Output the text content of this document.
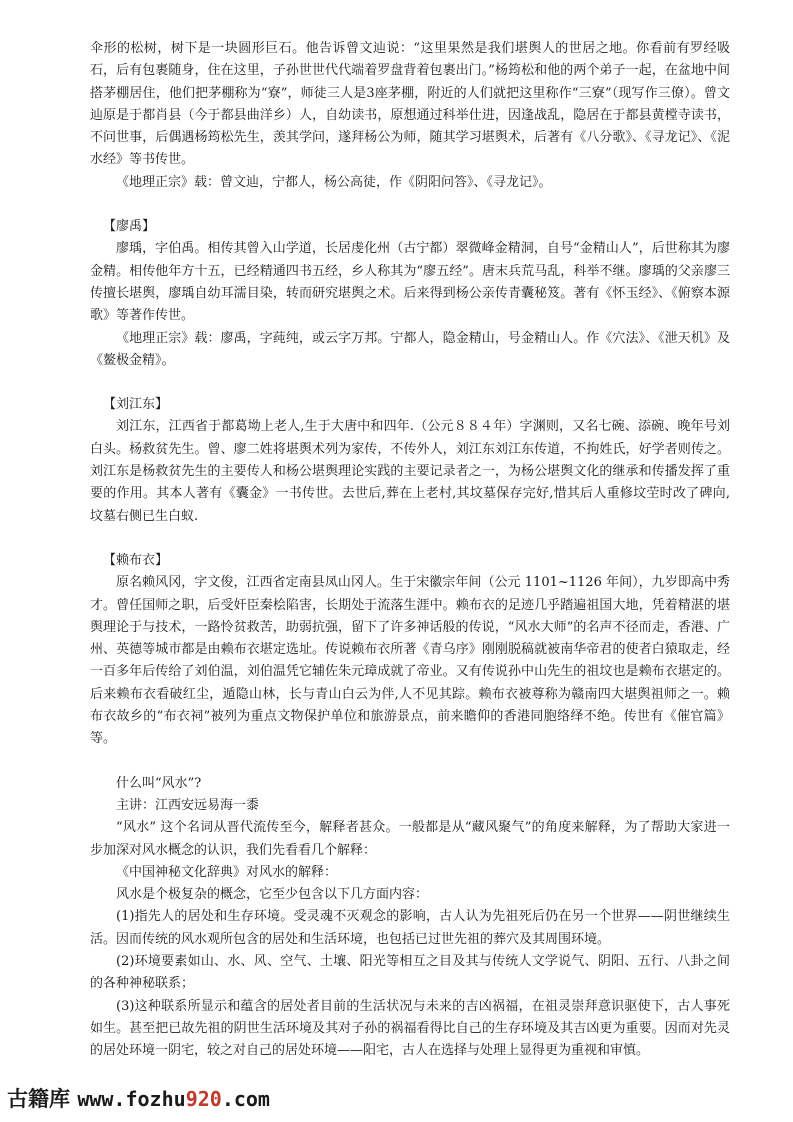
伞形的松树，树下是一块圆形巨石。他告诉曾文辿说：“这里果然是我们堪舆人的世居之地。你看前有罗经吸石，后有包裹随身，住在这里，子孙世世代代端着罗盘背着包裹出门。”杨筠松和他的两个弟子一起，在盆地中间搭茅棚居住，他们把茅棚称为“寮”，师徒三人是3座茅棚，附近的人们就把这里称作“三寮”（现写作三僚）。曾文辿原是于都肖县（今于都县曲洋乡）人，自幼读书，原想通过科举仕进，因逢战乱，隐居在于都县黄樘寺读书，不问世事，后偶遇杨筠松先生，羡其学问，遂拜杨公为师，随其学习堪舆术，后著有《八分歌》、《寻龙记》、《泥水经》等书传世。

《地理正宗》载：曾文辿，宁都人，杨公高徒，作《阴阳问答》、《寻龙记》。

【廖禹】

廖瑀，字伯禹。相传其曾入山学道，长居虔化州（古宁都）翠微峰金精洞，自号“金精山人”，后世称其为廖金精。相传他年方十五，已经精通四书五经，乡人称其为“廖五经”。唐末兵荒马乱，科举不继。廖瑀的父亲廖三传擅长堪舆，廖瑀自幼耳濡目染，转而研究堪舆之术。后来得到杨公亲传青囊秘笈。著有《怀玉经》、《俯察本源歌》等著作传世。

《地理正宗》载：廖禹，字莼纯，或云字万邦。宁都人，隐金精山，号金精山人。作《穴法》、《泄天机》及《鳌极金精》。

【刘江东】

刘江东，江西省于都葛坳上老人,生于大唐中和四年.（公元８８４年）字渊则，又名七碗、添碗、晚年号刘白头。杨救贫先生。曾、廖二姓将堪舆术列为家传，不传外人，刘江东刘江东传道，不拘姓氏，好学者则传之。刘江东是杨救贫先生的主要传人和杨公堪舆理论实践的主要记录者之一，为杨公堪舆文化的继承和传播发挥了重要的作用。其本人著有《囊金》一书传世。去世后,葬在上老村,其坟墓保存完好,惜其后人重修坟茔时改了碑向,坟墓右侧已生白蚁.

【赖布衣】

原名赖风冈，字文俊，江西省定南县凤山冈人。生于宋徽宗年间（公元 1101~1126 年间），九岁即高中秀才。曾任国师之职，后受奸臣秦桧陷害，长期处于流落生涯中。赖布衣的足迹几乎踏遍祖国大地，凭着精湛的堪舆理论于与技术，一路怜贫救苦，助弱抗强，留下了许多神话般的传说，“风水大师”的名声不径而走，香港、广州、英德等城市都是由赖布衣堪定选址。传说赖布衣所著《青乌序》刚刚脱稿就被南华帝君的使者白猿取走，经一百多年后传给了刘伯温，刘伯温凭它辅佐朱元璋成就了帝业。又有传说孙中山先生的祖坟也是赖布衣堪定的。后来赖布衣看破红尘，遁隐山林，长与青山白云为伴,人不见其踪。赖布衣被尊称为赣南四大堪舆祖师之一。赖布衣故乡的“布衣祠”被列为重点文物保护单位和旅游景点，前来瞻仰的香港同胞络绎不绝。传世有《催官篇》等。

什么叫“风水”?

主讲：江西安远易海一黍

“风水” 这个名词从晋代流传至今，解释者甚众。一般都是从“藏风聚气”的角度来解释，为了帮助大家进一步加深对风水概念的认识，我们先看看几个解释：

《中国神秘文化辞典》对风水的解释：

风水是个极复杂的概念，它至少包含以下几方面内容：

(1)指先人的居处和生存环境。受灵魂不灭观念的影响，古人认为先祖死后仍在另一个世界——阴世继续生活。因而传统的风水观所包含的居处和生活环境，也包括已过世先祖的葬穴及其周围环境。

(2)环境要素如山、水、风、空气、土壤、阳光等相互之目及其与传统人文学说气、阴阳、五行、八卦之间的各种神秘联系；

(3)这种联系所显示和蕴含的居处者目前的生活状况与未来的吉凶祸福，在祖灵崇拜意识驱使下，古人事死如生。甚至把已故先祖的阴世生活环境及其对子孙的祸福看得比自己的生存环境及其吉凶更为重要。因而对先灵的居处环境一阴宅，较之对自己的居处环境——阳宅，古人在选择与处理上显得更为重视和审慎。

古籍库 www.fozhu920.com
